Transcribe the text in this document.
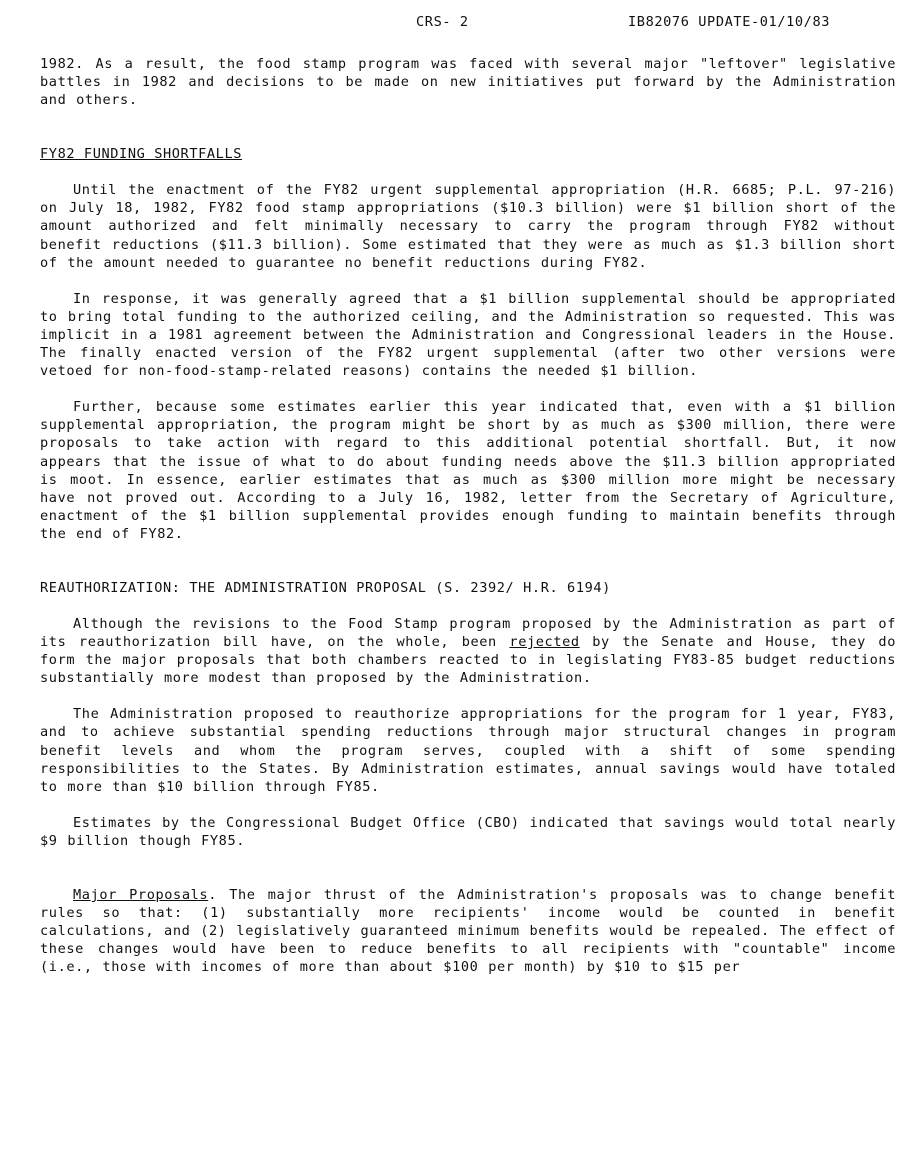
CRS- 2	IB82076 UPDATE-01/10/83

1982. As a result, the food stamp program was faced with several major "leftover" legislative battles in 1982 and decisions to be made on new initiatives put forward by the Administration and others.

FY82 FUNDING SHORTFALLS

Until the enactment of the FY82 urgent supplemental appropriation (H.R. 6685; P.L. 97-216) on July 18, 1982, FY82 food stamp appropriations ($10.3 billion) were $1 billion short of the amount authorized and felt minimally necessary to carry the program through FY82 without benefit reductions ($11.3 billion). Some estimated that they were as much as $1.3 billion short of the amount needed to guarantee no benefit reductions during FY82.

In response, it was generally agreed that a $1 billion supplemental should be appropriated to bring total funding to the authorized ceiling, and the Administration so requested. This was implicit in a 1981 agreement between the Administration and Congressional leaders in the House. The finally enacted version of the FY82 urgent supplemental (after two other versions were vetoed for non-food-stamp-related reasons) contains the needed $1 billion.

Further, because some estimates earlier this year indicated that, even with a $1 billion supplemental appropriation, the program might be short by as much as $300 million, there were proposals to take action with regard to this additional potential shortfall. But, it now appears that the issue of what to do about funding needs above the $11.3 billion appropriated is moot. In essence, earlier estimates that as much as $300 million more might be necessary have not proved out. According to a July 16, 1982, letter from the Secretary of Agriculture, enactment of the $1 billion supplemental provides enough funding to maintain benefits through the end of FY82.

REAUTHORIZATION: THE ADMINISTRATION PROPOSAL (S. 2392/ H.R. 6194)

Although the revisions to the Food Stamp program proposed by the Administration as part of its reauthorization bill have, on the whole, been rejected by the Senate and House, they do form the major proposals that both chambers reacted to in legislating FY83-85 budget reductions substantially more modest than proposed by the Administration.

The Administration proposed to reauthorize appropriations for the program for 1 year, FY83, and to achieve substantial spending reductions through major structural changes in program benefit levels and whom the program serves, coupled with a shift of some spending responsibilities to the States. By Administration estimates, annual savings would have totaled to more than $10 billion through FY85.

Estimates by the Congressional Budget Office (CBO) indicated that savings would total nearly $9 billion though FY85.

Major Proposals. The major thrust of the Administration's proposals was to change benefit rules so that: (1) substantially more recipients' income would be counted in benefit calculations, and (2) legislatively guaranteed minimum benefits would be repealed. The effect of these changes would have been to reduce benefits to all recipients with "countable" income (i.e., those with incomes of more than about $100 per month) by $10 to $15 per
